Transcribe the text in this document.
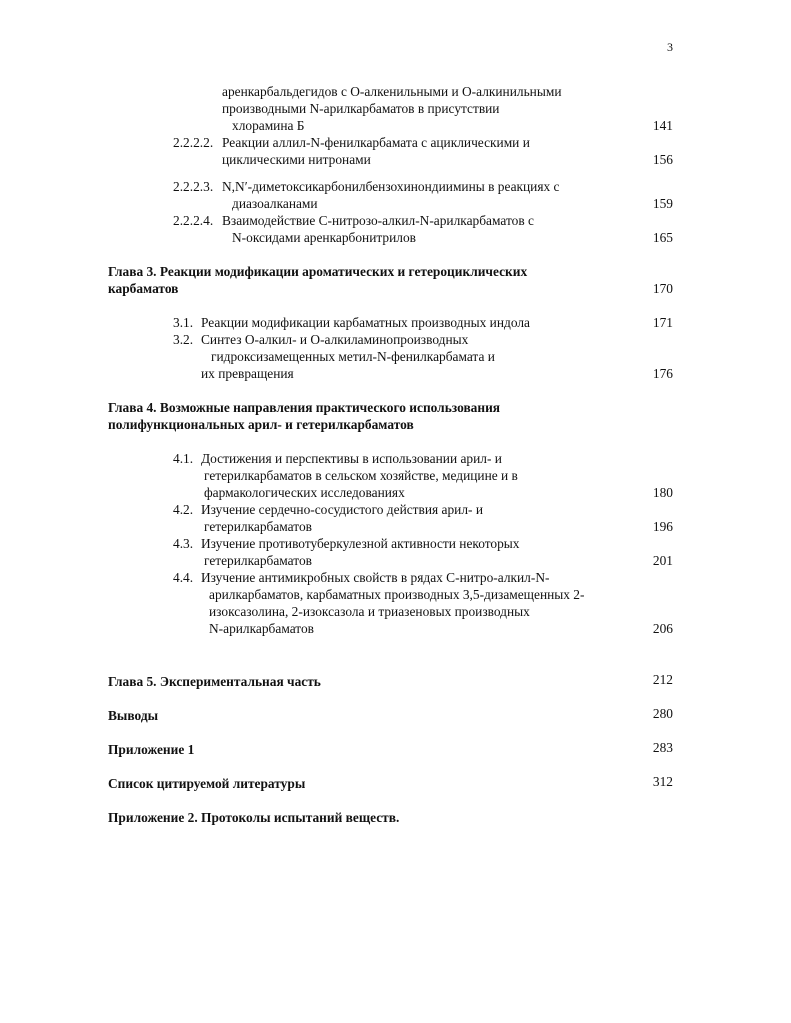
3
аренкарбальдегидов с О-алкенильными и О-алкинильными
производными N-арилкарбаматов в присутствии
хлорамина Б	141
2.2.2.2. Реакции аллил-N-фенилкарбамата с ациклическими и
циклическими нитронами	156
2.2.2.3. N,N′-диметоксикарбонилбензохинондиимины в реакциях с
диазоалканами	159
2.2.2.4. Взаимодействие С-нитрозо-алкил-N-арилкарбаматов с
N-оксидами аренкарбонитрилов	165
Глава 3. Реакции модификации ароматических и гетероциклических
карбаматов	170
3.1. Реакции модификации карбаматных производных индола	171
3.2. Синтез О-алкил- и О-алкиламинопроизводных
гидроксизамещенных метил-N-фенилкарбамата и
их превращения	176
Глава 4. Возможные направления практического использования
полифункциональных арил- и гетерилкарбаматов
4.1. Достижения и перспективы в использовании арил- и
гетерилкарбаматов в сельском хозяйстве, медицине и в
фармакологических исследованиях	180
4.2. Изучение сердечно-сосудистого действия арил- и
гетерилкарбаматов	196
4.3. Изучение противотуберкулезной активности некоторых
гетерилкарбаматов	201
4.4. Изучение антимикробных свойств в рядах С-нитро-алкил-N-
арилкарбаматов, карбаматных производных 3,5-дизамещенных 2-
изоксазолина, 2-изоксазола и триазеновых производных
N-арилкарбаматов	206
Глава 5. Экспериментальная часть	212
Выводы	280
Приложение 1	283
Список цитируемой литературы	312
Приложение 2. Протоколы испытаний веществ.
